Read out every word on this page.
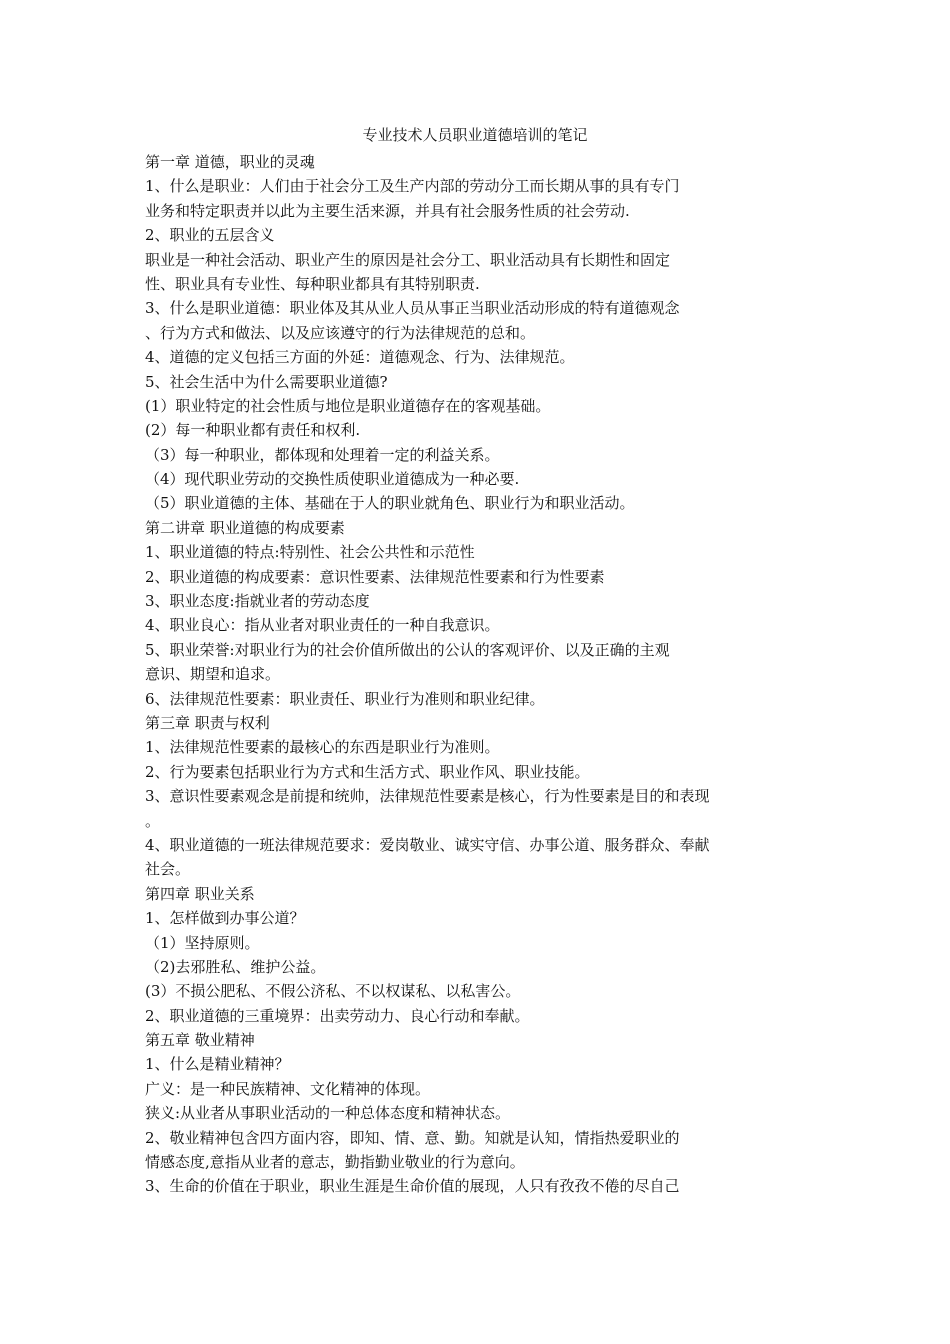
专业技术人员职业道德培训的笔记
第一章 道德，职业的灵魂
1、什么是职业：人们由于社会分工及生产内部的劳动分工而长期从事的具有专门
业务和特定职责并以此为主要生活来源，并具有社会服务性质的社会劳动.
2、职业的五层含义
职业是一种社会活动、职业产生的原因是社会分工、职业活动具有长期性和固定
性、职业具有专业性、每种职业都具有其特别职责.
3、什么是职业道德：职业体及其从业人员从事正当职业活动形成的特有道德观念
、行为方式和做法、以及应该遵守的行为法律规范的总和。
4、道德的定义包括三方面的外延：道德观念、行为、法律规范。
5、社会生活中为什么需要职业道德?
(1）职业特定的社会性质与地位是职业道德存在的客观基础。
(2）每一种职业都有责任和权利.
（3）每一种职业，都体现和处理着一定的利益关系。
（4）现代职业劳动的交换性质使职业道德成为一种必要.
（5）职业道德的主体、基础在于人的职业就角色、职业行为和职业活动。
第二讲章 职业道德的构成要素
1、职业道德的特点:特别性、社会公共性和示范性
2、职业道德的构成要素：意识性要素、法律规范性要素和行为性要素
3、职业态度:指就业者的劳动态度
4、职业良心：指从业者对职业责任的一种自我意识。
5、职业荣誉:对职业行为的社会价值所做出的公认的客观评价、以及正确的主观
意识、期望和追求。
6、法律规范性要素：职业责任、职业行为准则和职业纪律。
第三章 职责与权利
1、法律规范性要素的最核心的东西是职业行为准则。
2、行为要素包括职业行为方式和生活方式、职业作风、职业技能。
3、意识性要素观念是前提和统帅，法律规范性要素是核心，行为性要素是目的和表现
。
4、职业道德的一班法律规范要求：爱岗敬业、诚实守信、办事公道、服务群众、奉献
社会。
第四章 职业关系
1、怎样做到办事公道？
（1）坚持原则。
（2)去邪胜私、维护公益。
(3）不损公肥私、不假公济私、不以权谋私、以私害公。
2、职业道德的三重境界：出卖劳动力、良心行动和奉献。
第五章 敬业精神
1、什么是精业精神？
广义：是一种民族精神、文化精神的体现。
狭义:从业者从事职业活动的一种总体态度和精神状态。
2、敬业精神包含四方面内容，即知、情、意、勤。知就是认知，情指热爱职业的
情感态度,意指从业者的意志，勤指勤业敬业的行为意向。
3、生命的价值在于职业，职业生涯是生命价值的展现，人只有孜孜不倦的尽自己
